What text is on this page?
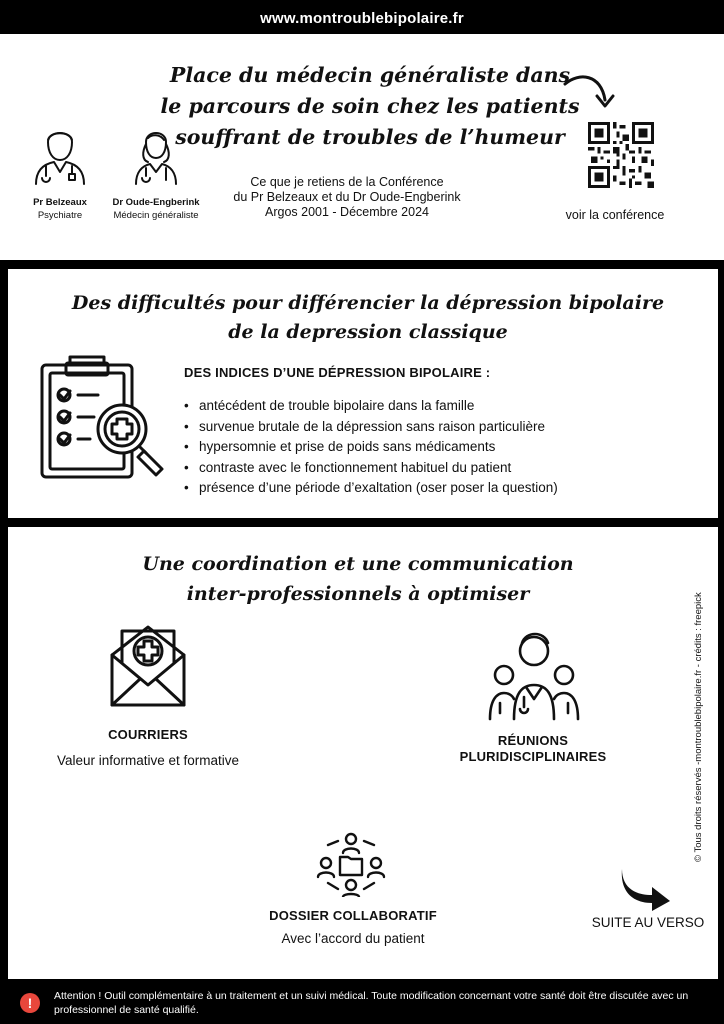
www.montroublebipolaire.fr
Place du médecin généraliste dans
le parcours de soin chez les patients
souffrant de troubles de l’humeur
Pr Belzeaux
Psychiatre
Dr Oude-Engberink
Médecin généraliste
Ce que je retiens de la Conférence
du Pr Belzeaux et du Dr Oude-Engberink
Argos 2001 - Décembre 2024	voir la conférence
Des difficultés pour différencier la dépression bipolaire
de la depression classique
DES INDICES D’UNE DÉPRESSION BIPOLAIRE :
• antécédent de trouble bipolaire dans la famille
• survenue brutale de la dépression sans raison particulière
• hypersomnie et prise de poids sans médicaments
• contraste avec le fonctionnement habituel du patient
• présence d’une période d’exaltation (oser poser la question)
Une coordination et une communication
inter-professionnels à optimiser
COURRIERS
Valeur informative et formative
RÉUNIONS
PLURIDISCIPLINAIRES
DOSSIER COLLABORATIF
Avec l’accord du patient
SUITE AU VERSO
© Tous droits réservés -montroublebipolaire.fr - crédits : freepick
!	Attention ! Outil complémentaire à un traitement et un suivi médical. Toute modification concernant votre santé doit être discutée avec un professionnel de santé qualifié.
